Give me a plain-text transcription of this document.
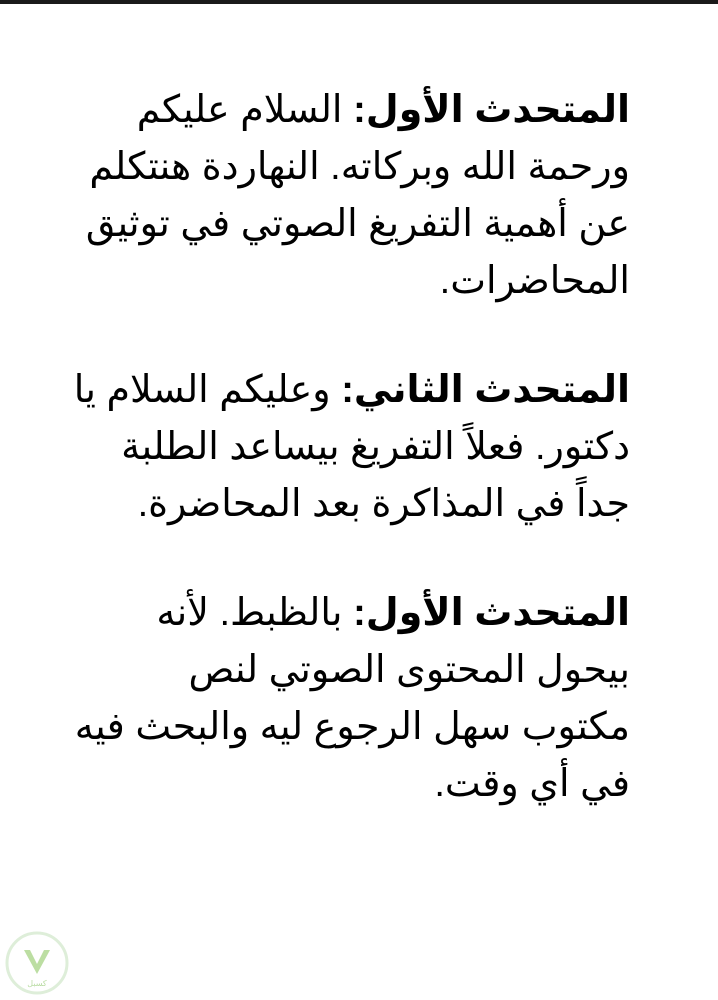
المتحدث الأول: السلام عليكم ورحمة الله وبركاته. النهاردة هنتكلم عن أهمية التفريغ الصوتي في توثيق المحاضرات.

المتحدث الثاني: وعليكم السلام يا دكتور. فعلاً التفريغ بيساعد الطلبة جداً في المذاكرة بعد المحاضرة.

المتحدث الأول: بالظبط. لأنه بيحول المحتوى الصوتي لنص مكتوب سهل الرجوع ليه والبحث فيه في أي وقت.

كسبل
